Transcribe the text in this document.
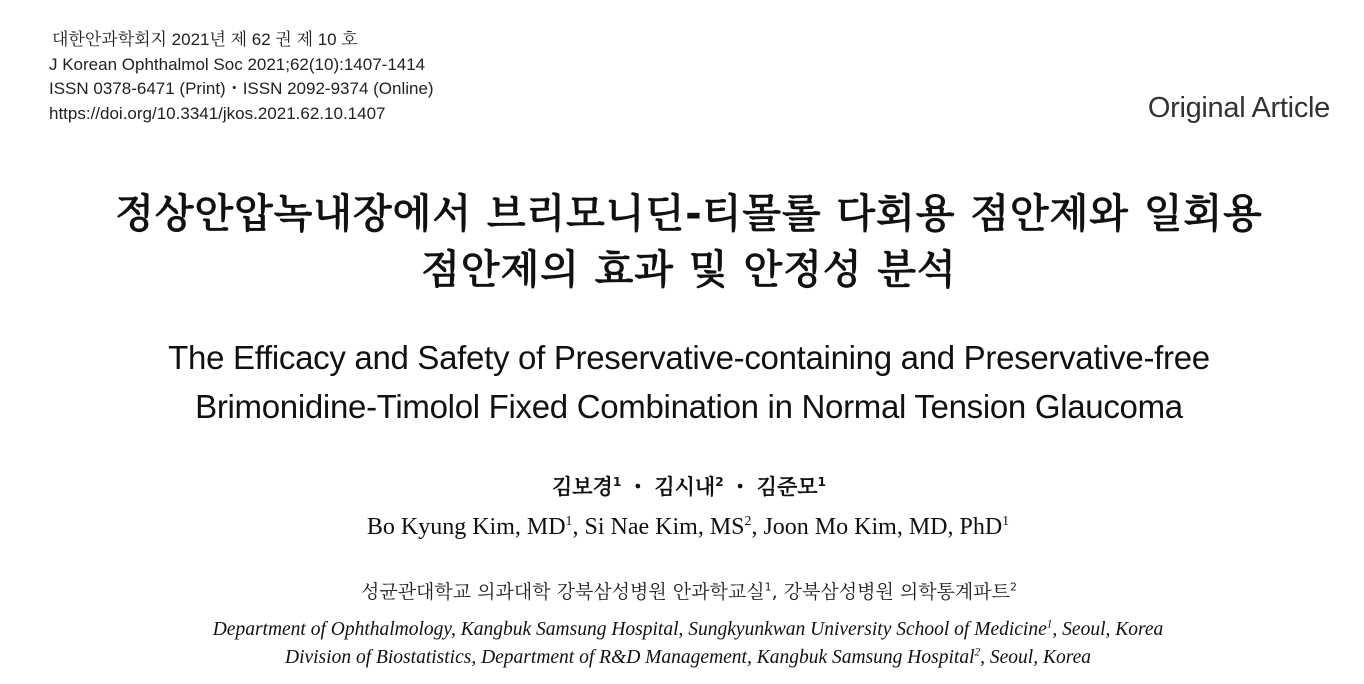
대한안과학회지 2021년 제 62 권 제 10 호
J Korean Ophthalmol Soc 2021;62(10):1407-1414
ISSN 0378-6471 (Print)・ISSN 2092-9374 (Online)
https://doi.org/10.3341/jkos.2021.62.10.1407	Original Article
정상안압녹내장에서 브리모니딘-티몰롤 다회용 점안제와 일회용
점안제의 효과 및 안정성 분석
The Efficacy and Safety of Preservative-containing and Preservative-free
Brimonidine-Timolol Fixed Combination in Normal Tension Glaucoma
김보경$^1$ ・ 김시내$^2$ ・ 김준모$^1$
Bo Kyung Kim, $MD^1$, Si Nae Kim, $MS^2$, Joon Mo Kim, MD, PhD$^1$
성균관대학교 의과대학 강북삼성병원 안과학교실$^1$, 강북삼성병원 의학통계파트$^2$
Department of Ophthalmology, Kangbuk Samsung Hospital, Sungkyunkwan University School of Medicine$^1$, Seoul, Korea
Division of Biostatistics, Department of R&D Management, Kangbuk Samsung Hospital$^2$, Seoul, Korea
